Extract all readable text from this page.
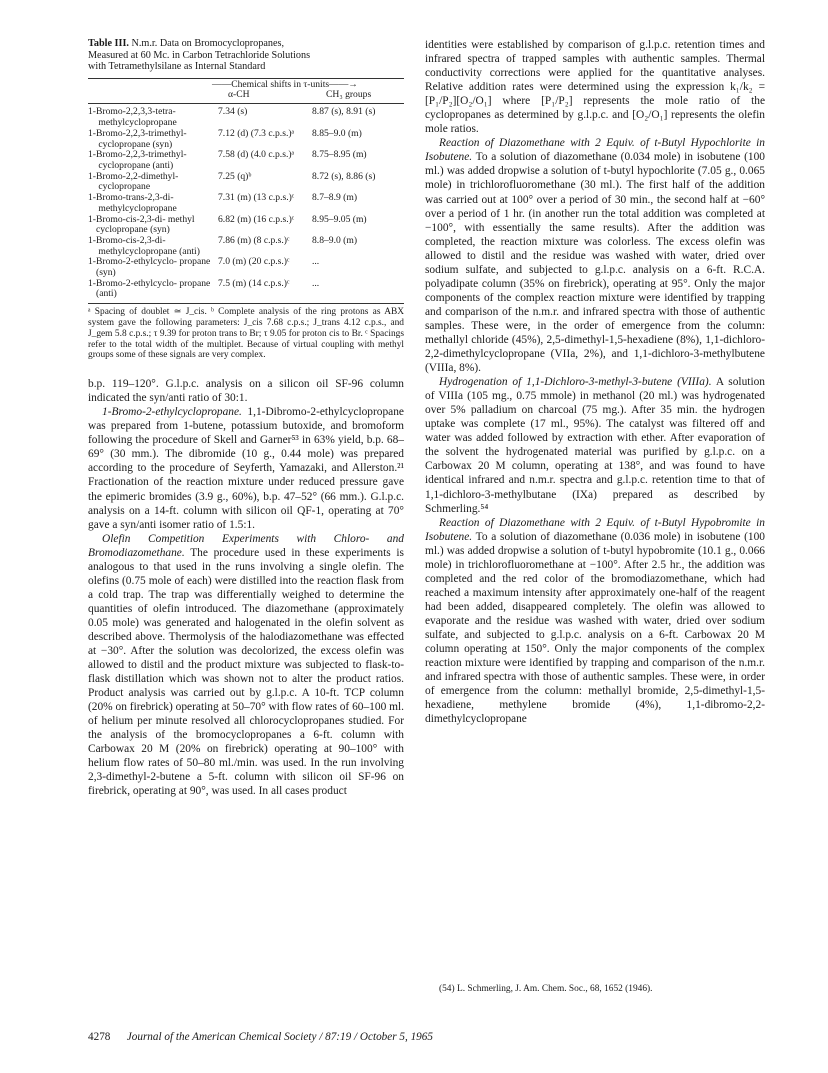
Table III. N.m.r. Data on Bromocyclopropanes,

Measured at 60 Mc. in Carbon Tetrachloride Solutions

with Tetramethylsilane as Internal Standard

——Chemical shifts in τ-units——→
α-CH	CH₃ groups
1-Bromo-2,2,3,3-tetra- methylcyclopropane	7.34 (s)	8.87 (s), 8.91 (s)
1-Bromo-2,2,3-trimethyl- cyclopropane (syn)	7.12 (d) (7.3 c.p.s.)ᵃ	8.85–9.0 (m)
1-Bromo-2,2,3-trimethyl- cyclopropane (anti)	7.58 (d) (4.0 c.p.s.)ᵃ	8.75–8.95 (m)
1-Bromo-2,2-dimethyl- cyclopropane	7.25 (q)ᵇ	8.72 (s), 8.86 (s)
1-Bromo-trans-2,3-di- methylcyclopropane	7.31 (m) (13 c.p.s.)ᶜ	8.7–8.9 (m)
1-Bromo-cis-2,3-di- methyl cyclopropane (syn)	6.82 (m) (16 c.p.s.)ᶜ	8.95–9.05 (m)
1-Bromo-cis-2,3-di- methylcyclopropane (anti)	7.86 (m) (8 c.p.s.)ᶜ	8.8–9.0 (m)
1-Bromo-2-ethylcyclo- propane (syn)	7.0 (m) (20 c.p.s.)ᶜ	...
1-Bromo-2-ethylcyclo- propane (anti)	7.5 (m) (14 c.p.s.)ᶜ	...

ᵃ Spacing of doublet ≃ J_cis. ᵇ Complete analysis of the ring protons as ABX system gave the following parameters: J_cis 7.68 c.p.s.; J_trans 4.12 c.p.s., and J_gem 5.8 c.p.s.; τ 9.39 for proton trans to Br; τ 9.05 for proton cis to Br. ᶜ Spacings refer to the total width of the multiplet. Because of virtual coupling with methyl groups some of these signals are very complex.

b.p. 119–120°. G.l.p.c. analysis on a silicon oil SF-96 column indicated the syn/anti ratio of 30:1.

1-Bromo-2-ethylcyclopropane. 1,1-Dibromo-2-ethylcyclopropane was prepared from 1-butene, potassium butoxide, and bromoform following the procedure of Skell and Garner⁵³ in 63% yield, b.p. 68–69° (30 mm.). The dibromide (10 g., 0.44 mole) was prepared according to the procedure of Seyferth, Yamazaki, and Allerston.²¹ Fractionation of the reaction mixture under reduced pressure gave the epimeric bromides (3.9 g., 60%), b.p. 47–52° (66 mm.). G.l.p.c. analysis on a 14-ft. column with silicon oil QF-1, operating at 70° gave a syn/anti isomer ratio of 1.5:1.

Olefin Competition Experiments with Chloro- and Bromodiazomethane. The procedure used in these experiments is analogous to that used in the runs involving a single olefin. The olefins (0.75 mole of each) were distilled into the reaction flask from a cold trap. The trap was differentially weighed to determine the quantities of olefin introduced. The diazomethane (approximately 0.05 mole) was generated and halogenated in the olefin solvent as described above. Thermolysis of the halodiazomethane was effected at −30°. After the solution was decolorized, the excess olefin was allowed to distil and the product mixture was subjected to flask-to-flask distillation which was shown not to alter the product ratios. Product analysis was carried out by g.l.p.c. A 10-ft. TCP column (20% on firebrick) operating at 50–70° with flow rates of 60–100 ml. of helium per minute resolved all chlorocyclopropanes studied. For the analysis of the bromocyclopropanes a 6-ft. column with Carbowax 20 M (20% on firebrick) operating at 90–100° with helium flow rates of 50–80 ml./min. was used. In the run involving 2,3-dimethyl-2-butene a 5-ft. column with silicon oil SF-96 on firebrick, operating at 90°, was used. In all cases product

identities were established by comparison of g.l.p.c. retention times and infrared spectra of trapped samples with authentic samples. Thermal conductivity corrections were applied for the quantitative analyses. Relative addition rates were determined using the expression k₁/k₂ = [P₁/P₂][O₂/O₁] where [P₁/P₂] represents the mole ratio of the cyclopropanes as determined by g.l.p.c. and [O₂/O₁] represents the olefin mole ratios.

Reaction of Diazomethane with 2 Equiv. of t-Butyl Hypochlorite in Isobutene. To a solution of diazomethane (0.034 mole) in isobutene (100 ml.) was added dropwise a solution of t-butyl hypochlorite (7.05 g., 0.065 mole) in trichlorofluoromethane (30 ml.). The first half of the addition was carried out at 100° over a period of 30 min., the second half at −60° over a period of 1 hr. (in another run the total addition was completed at −100°, with essentially the same results). After the addition was completed, the reaction mixture was colorless. The excess olefin was allowed to distil and the residue was washed with water, dried over sodium sulfate, and subjected to g.l.p.c. analysis on a 6-ft. R.C.A. polyadipate column (35% on firebrick), operating at 95°. Only the major components of the complex reaction mixture were identified by trapping and comparison of the n.m.r. and infrared spectra with those of authentic samples. These were, in the order of emergence from the column: methallyl chloride (45%), 2,5-dimethyl-1,5-hexadiene (8%), 1,1-dichloro-2,2-dimethylcyclopropane (VIIa, 2%), and 1,1-dichloro-3-methylbutene (VIIIa, 8%).

Hydrogenation of 1,1-Dichloro-3-methyl-3-butene (VIIIa). A solution of VIIIa (105 mg., 0.75 mmole) in methanol (20 ml.) was hydrogenated over 5% palladium on charcoal (75 mg.). After 35 min. the hydrogen uptake was complete (17 ml., 95%). The catalyst was filtered off and water was added followed by extraction with ether. After evaporation of the solvent the hydrogenated material was purified by g.l.p.c. on a Carbowax 20 M column, operating at 138°, and was found to have identical infrared and n.m.r. spectra and g.l.p.c. retention time to that of 1,1-dichloro-3-methylbutane (IXa) prepared as described by Schmerling.⁵⁴

Reaction of Diazomethane with 2 Equiv. of t-Butyl Hypobromite in Isobutene. To a solution of diazomethane (0.036 mole) in isobutene (100 ml.) was added dropwise a solution of t-butyl hypobromite (10.1 g., 0.066 mole) in trichlorofluoromethane at −100°. After 2.5 hr., the addition was completed and the red color of the bromodiazomethane, which had reached a maximum intensity after approximately one-half of the reagent had been added, disappeared completely. The olefin was allowed to evaporate and the residue was washed with water, dried over sodium sulfate, and subjected to g.l.p.c. analysis on a 6-ft. Carbowax 20 M column operating at 150°. Only the major components of the complex reaction mixture were identified by trapping and comparison of the n.m.r. and infrared spectra with those of authentic samples. These were, in order of emergence from the column: methallyl bromide, 2,5-dimethyl-1,5-hexadiene, methylene bromide (4%), 1,1-dibromo-2,2-dimethylcyclopropane

(54) L. Schmerling, J. Am. Chem. Soc., 68, 1652 (1946).

4278 Journal of the American Chemical Society / 87:19 / October 5, 1965
